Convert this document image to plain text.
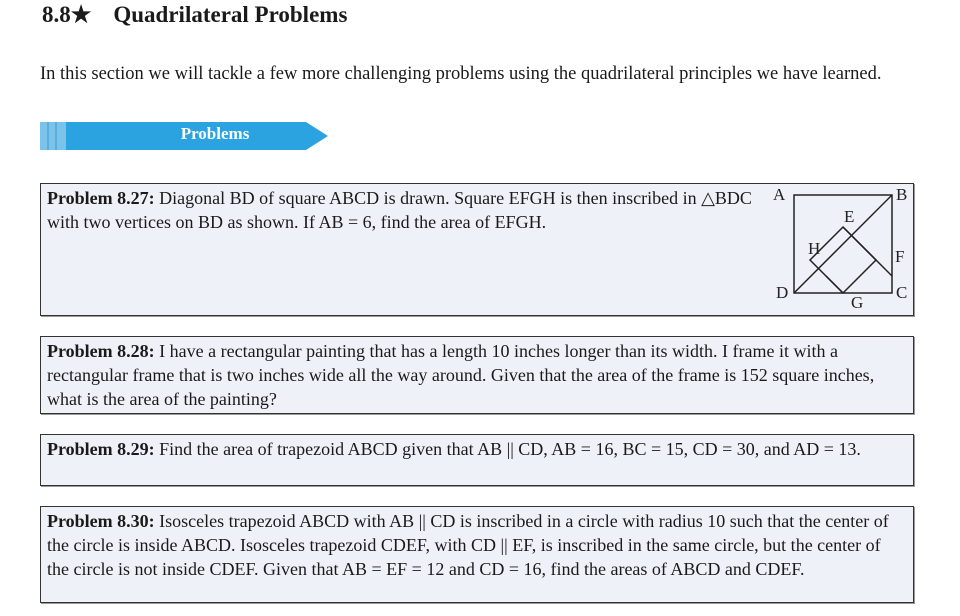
8.8★ Quadrilateral Problems
In this section we will tackle a few more challenging problems using the quadrilateral principles we have learned.
Problems
Problem 8.27: Diagonal BD of square ABCD is drawn. Square EFGH is then inscribed in △BDC with two vertices on BD as shown. If AB = 6, find the area of EFGH.
A	B
C
D
E
F
G
H
Problem 8.28: I have a rectangular painting that has a length 10 inches longer than its width. I frame it with a rectangular frame that is two inches wide all the way around. Given that the area of the frame is 152 square inches, what is the area of the painting?
Problem 8.29: Find the area of trapezoid ABCD given that AB || CD, AB = 16, BC = 15, CD = 30, and AD = 13.
Problem 8.30: Isosceles trapezoid ABCD with AB || CD is inscribed in a circle with radius 10 such that the center of the circle is inside ABCD. Isosceles trapezoid CDEF, with CD || EF, is inscribed in the same circle, but the center of the circle is not inside CDEF. Given that AB = EF = 12 and CD = 16, find the areas of ABCD and CDEF.
